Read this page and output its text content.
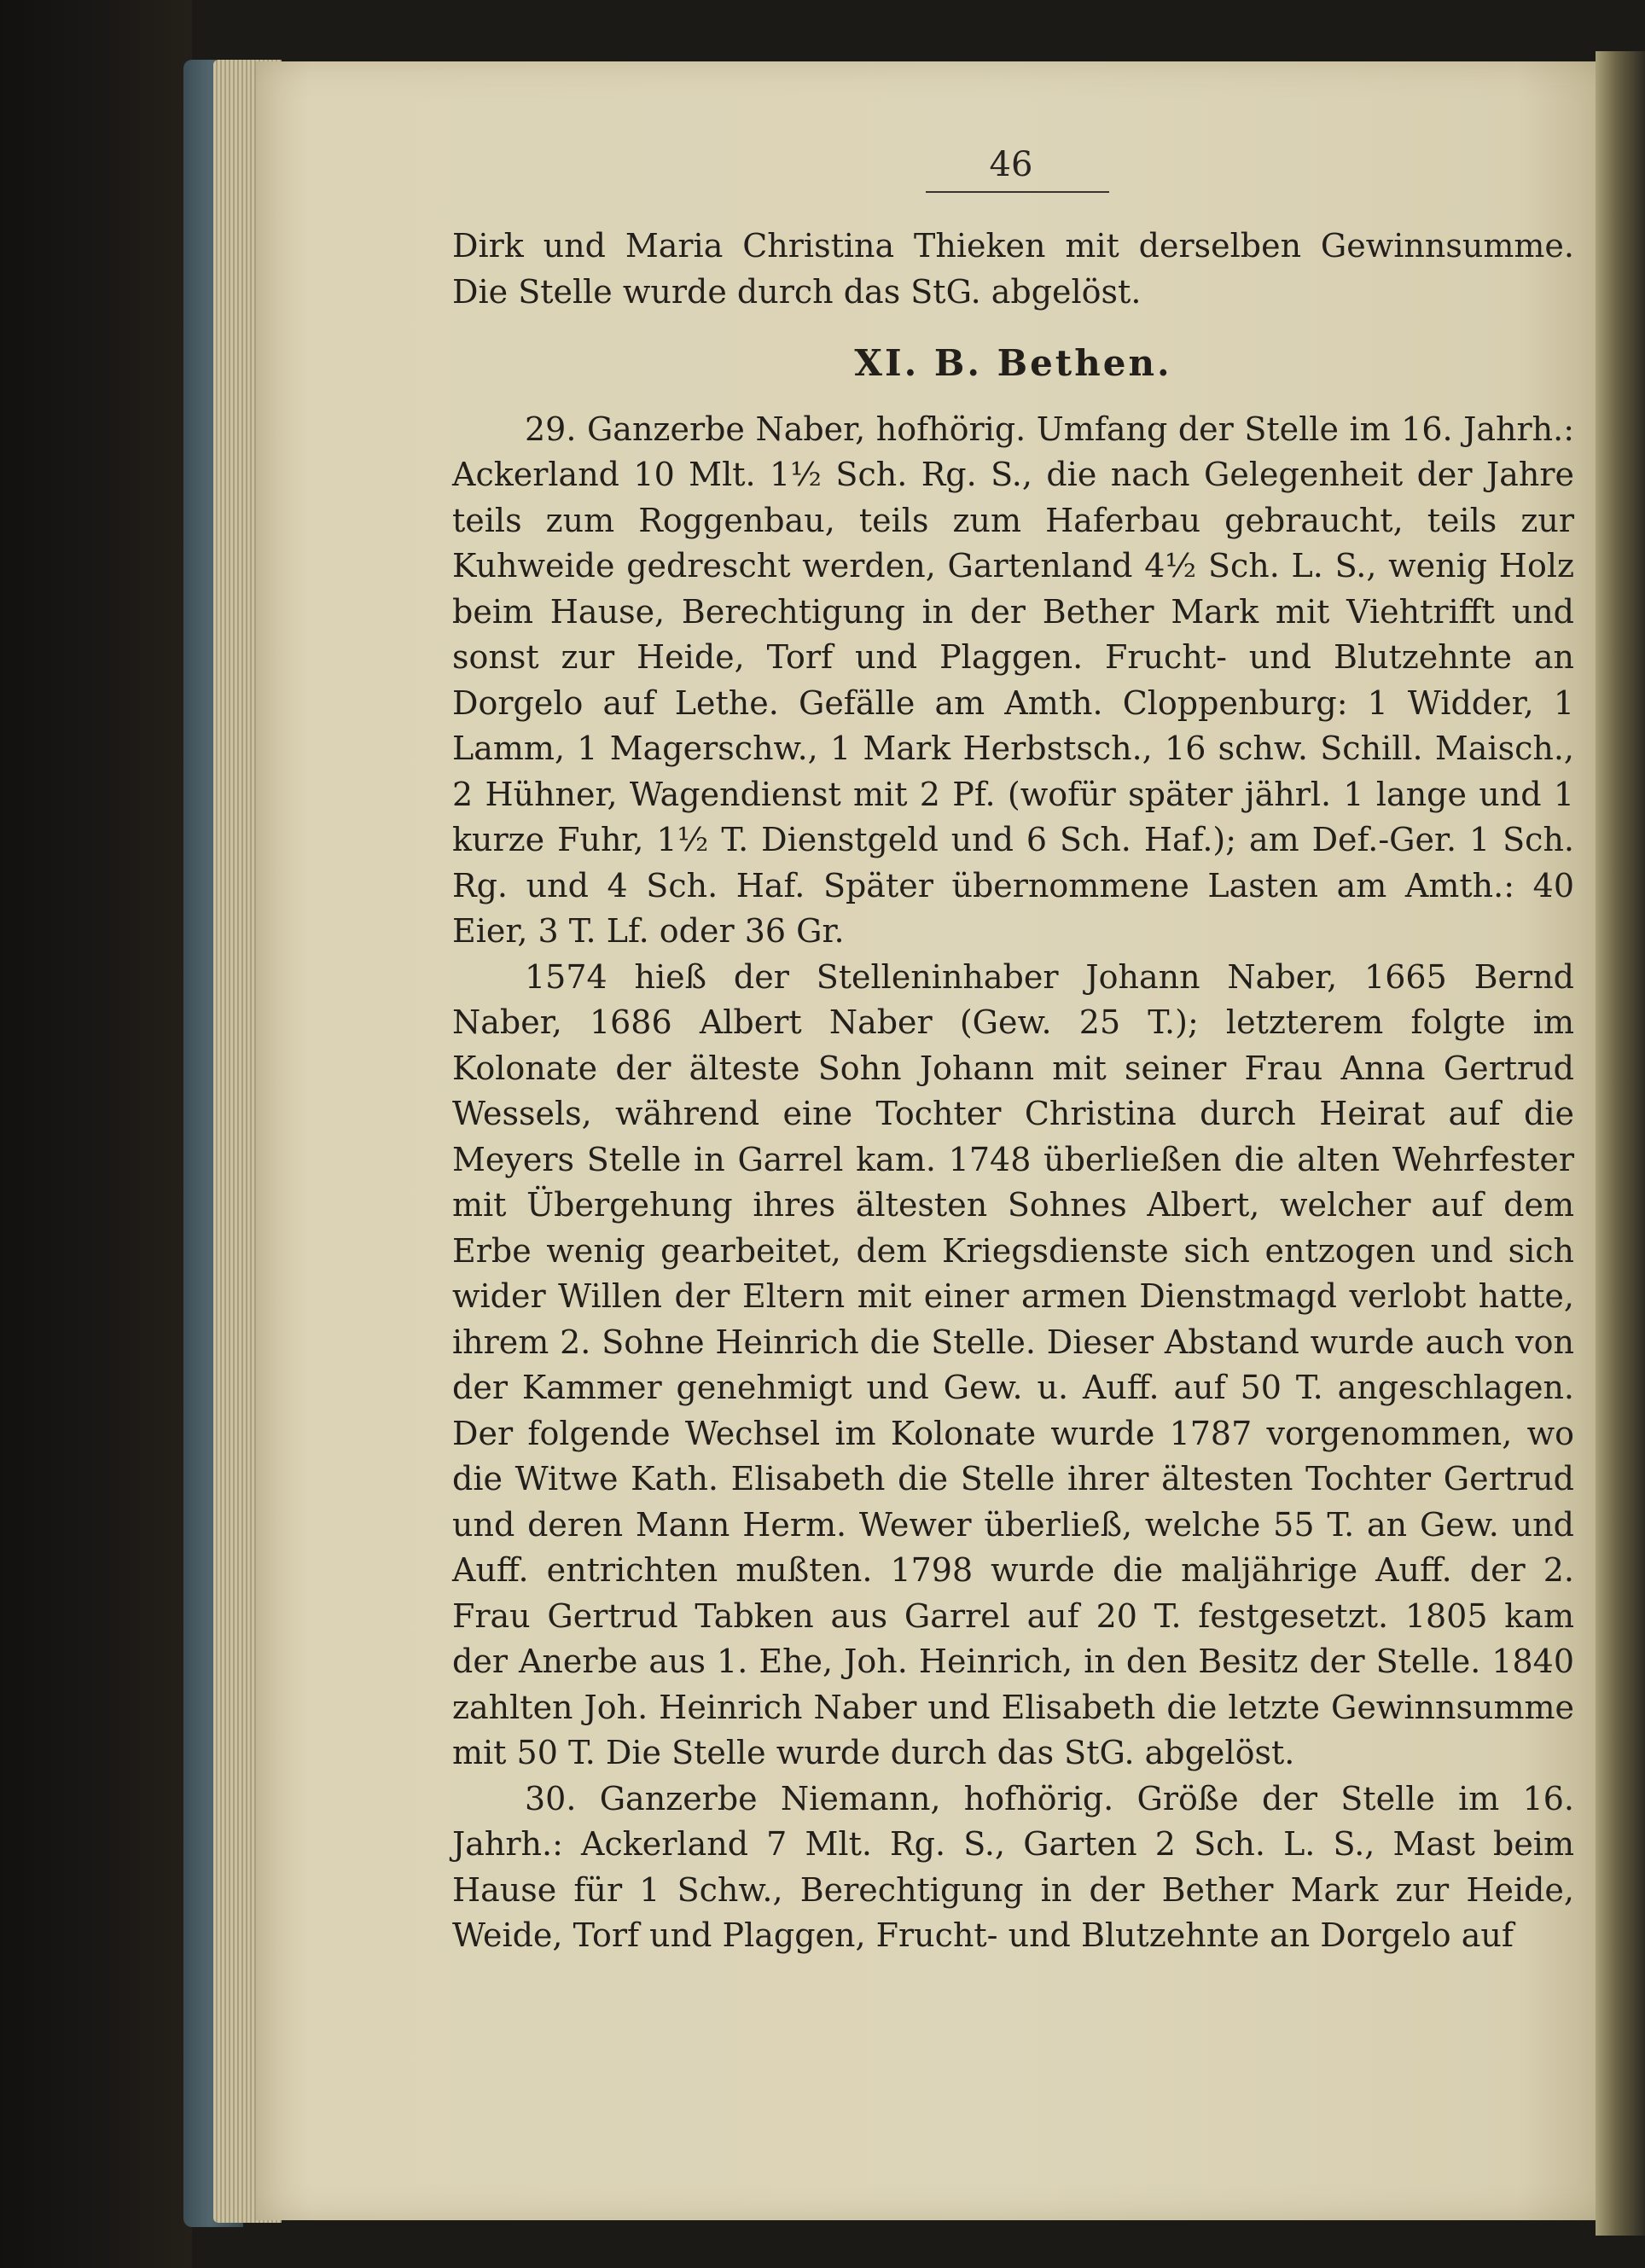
46

Dirk und Maria Christina Thieken mit derselben Gewinnsumme. Die Stelle wurde durch das StG. abgelöst.

XI. B. Bethen.

29. Ganzerbe Naber, hofhörig. Umfang der Stelle im 16. Jahrh.: Ackerland 10 Mlt. 1½ Sch. Rg. S., die nach Gelegenheit der Jahre teils zum Roggenbau, teils zum Haferbau gebraucht, teils zur Kuhweide gedrescht werden, Gartenland 4½ Sch. L. S., wenig Holz beim Hause, Berechtigung in der Bether Mark mit Viehtrifft und sonst zur Heide, Torf und Plaggen. Frucht- und Blutzehnte an Dorgelo auf Lethe. Gefälle am Amth. Cloppenburg: 1 Widder, 1 Lamm, 1 Magerschw., 1 Mark Herbstsch., 16 schw. Schill. Maisch., 2 Hühner, Wagendienst mit 2 Pf. (wofür später jährl. 1 lange und 1 kurze Fuhr, 1½ T. Dienstgeld und 6 Sch. Haf.); am Def.-Ger. 1 Sch. Rg. und 4 Sch. Haf. Später übernommene Lasten am Amth.: 40 Eier, 3 T. Lf. oder 36 Gr.

1574 hieß der Stelleninhaber Johann Naber, 1665 Bernd Naber, 1686 Albert Naber (Gew. 25 T.); letzterem folgte im Kolonate der älteste Sohn Johann mit seiner Frau Anna Gertrud Wessels, während eine Tochter Christina durch Heirat auf die Meyers Stelle in Garrel kam. 1748 überließen die alten Wehrfester mit Übergehung ihres ältesten Sohnes Albert, welcher auf dem Erbe wenig gearbeitet, dem Kriegsdienste sich entzogen und sich wider Willen der Eltern mit einer armen Dienstmagd verlobt hatte, ihrem 2. Sohne Heinrich die Stelle. Dieser Abstand wurde auch von der Kammer genehmigt und Gew. u. Auff. auf 50 T. angeschlagen. Der folgende Wechsel im Kolonate wurde 1787 vorgenommen, wo die Witwe Kath. Elisabeth die Stelle ihrer ältesten Tochter Gertrud und deren Mann Herm. Wewer überließ, welche 55 T. an Gew. und Auff. entrichten mußten. 1798 wurde die maljährige Auff. der 2. Frau Gertrud Tabken aus Garrel auf 20 T. festgesetzt. 1805 kam der Anerbe aus 1. Ehe, Joh. Heinrich, in den Besitz der Stelle. 1840 zahlten Joh. Heinrich Naber und Elisabeth die letzte Gewinnsumme mit 50 T. Die Stelle wurde durch das StG. abgelöst.

30. Ganzerbe Niemann, hofhörig. Größe der Stelle im 16. Jahrh.: Ackerland 7 Mlt. Rg. S., Garten 2 Sch. L. S., Mast beim Hause für 1 Schw., Berechtigung in der Bether Mark zur Heide, Weide, Torf und Plaggen, Frucht- und Blutzehnte an Dorgelo auf
